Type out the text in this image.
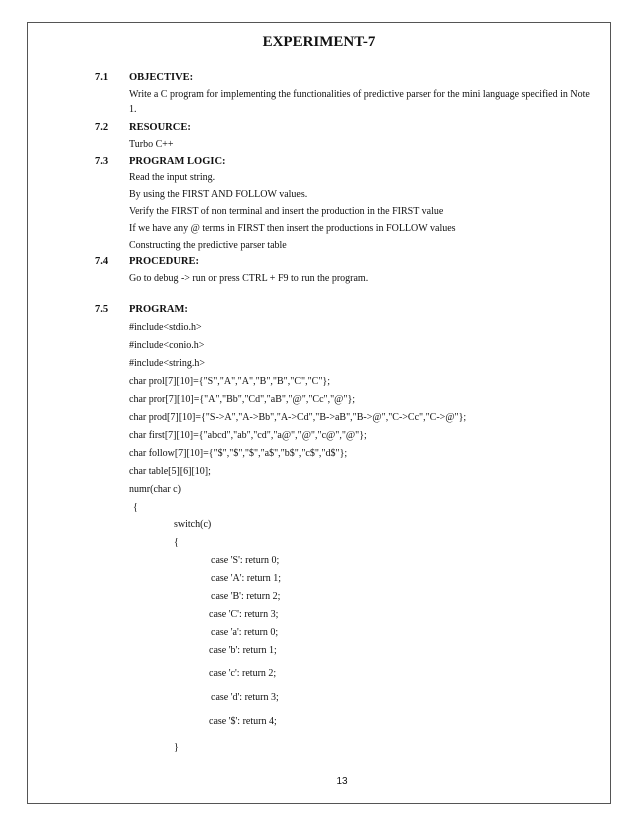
EXPERIMENT-7
7.1 OBJECTIVE:
Write a C program for implementing the functionalities of predictive parser for the mini language specified in Note 1.
7.2 RESOURCE:
Turbo C++
7.3 PROGRAM LOGIC:
Read the input string.
By using the FIRST AND FOLLOW values.
Verify the FIRST of non terminal and insert the production in the FIRST value
If we have any @ terms in FIRST then insert the productions in FOLLOW values
Constructing the predictive parser table
7.4 PROCEDURE:
Go to debug -> run or press CTRL + F9 to run the program.
7.5 PROGRAM:
#include<stdio.h>
#include<conio.h>
#include<string.h>
char prol[7][10]={"S","A","A","B","B","C","C"};
char pror[7][10]={"A","Bb","Cd","aB","@","Cc","@"};
char prod[7][10]={"S->A","A->Bb","A->Cd","B->aB","B->@","C->Cc","C->@"};
char first[7][10]={"abcd","ab","cd","a@","@","c@","@"};
char follow[7][10]={"$","$","$","a$","b$","c$","d$"};
char table[5][6][10];
numr(char c)
{
switch(c)
{
case 'S': return 0;
case 'A': return 1;
case 'B': return 2;
case 'C': return 3;
case 'a': return 0;
case 'b': return 1;
case 'c': return 2;
case 'd': return 3;
case '$': return 4;
}
13
